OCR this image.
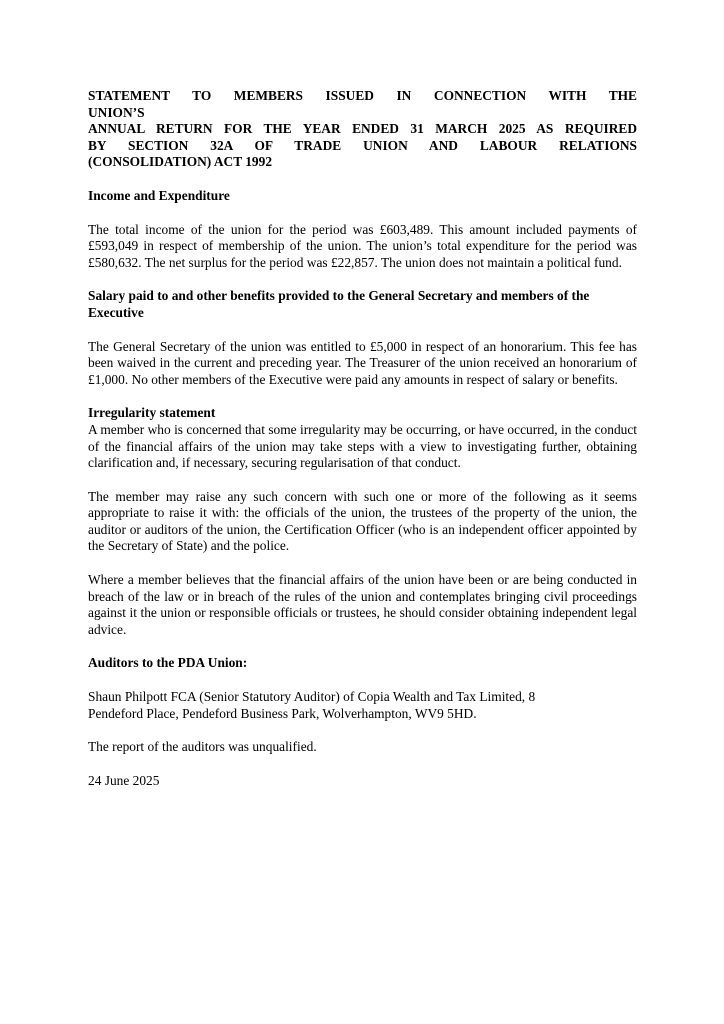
STATEMENT TO MEMBERS ISSUED IN CONNECTION WITH THE
UNION’S
ANNUAL RETURN FOR THE YEAR ENDED 31 MARCH 2025 AS REQUIRED
BY SECTION 32A OF TRADE UNION AND LABOUR RELATIONS
(CONSOLIDATION) ACT 1992
Income and Expenditure

The total income of the union for the period was £603,489. This amount included payments of £593,049 in respect of membership of the union. The union’s total expenditure for the period was £580,632. The net surplus for the period was £22,857. The union does not maintain a political fund.

Salary paid to and other benefits provided to the General Secretary and members of the Executive

The General Secretary of the union was entitled to £5,000 in respect of an honorarium. This fee has been waived in the current and preceding year. The Treasurer of the union received an honorarium of £1,000. No other members of the Executive were paid any amounts in respect of salary or benefits.

Irregularity statement

A member who is concerned that some irregularity may be occurring, or have occurred, in the conduct of the financial affairs of the union may take steps with a view to investigating further, obtaining clarification and, if necessary, securing regularisation of that conduct.

The member may raise any such concern with such one or more of the following as it seems appropriate to raise it with: the officials of the union, the trustees of the property of the union, the auditor or auditors of the union, the Certification Officer (who is an independent officer appointed by the Secretary of State) and the police.

Where a member believes that the financial affairs of the union have been or are being conducted in breach of the law or in breach of the rules of the union and contemplates bringing civil proceedings against it the union or responsible officials or trustees, he should consider obtaining independent legal advice.

Auditors to the PDA Union:

Shaun Philpott FCA (Senior Statutory Auditor) of Copia Wealth and Tax Limited, 8
Pendeford Place, Pendeford Business Park, Wolverhampton, WV9 5HD.

The report of the auditors was unqualified.

24 June 2025
